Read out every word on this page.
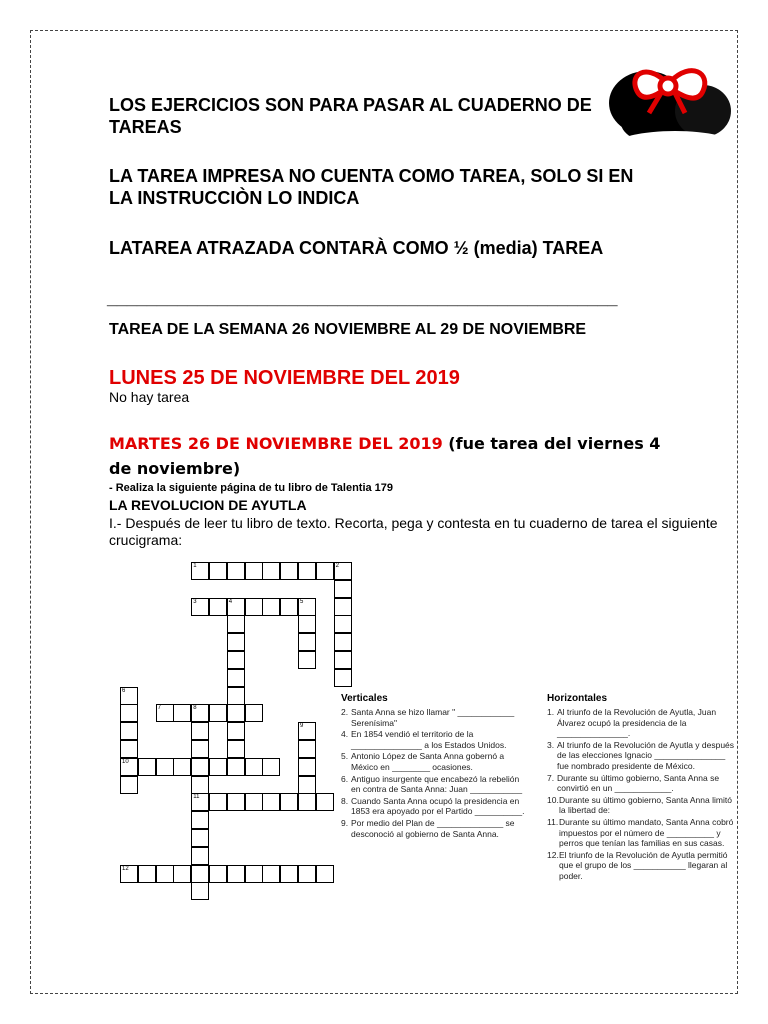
LOS EJERCICIOS SON PARA PASAR AL CUADERNO DE TAREAS
LA TAREA IMPRESA NO CUENTA COMO TAREA, SOLO SI EN LA INSTRUCCIÒN LO INDICA
LATAREA ATRAZADA CONTARÀ COMO ½ (media) TAREA
___________________________________________________
TAREA DE LA SEMANA 26 NOVIEMBRE AL 29 DE NOVIEMBRE
LUNES 25 DE NOVIEMBRE DEL 2019
No hay tarea
MARTES 26 DE NOVIEMBRE DEL 2019 (fue tarea del viernes 4 de noviembre)
- Realiza la siguiente página de tu libro de Talentia 179
LA REVOLUCION DE AYUTLA
I.- Después de leer tu libro de texto. Recorta, pega y contesta en tu cuaderno de tarea el siguiente crucigrama:
1	2
3	4	5
6
10
7	8
11
9
12
Verticales
2. Santa Anna se hizo llamar " ____________ Serenísima"
4. En 1854 vendió el territorio de la _______________ a los Estados Unidos.
5. Antonio López de Santa Anna gobernó a México en ________ ocasiones.
6. Antiguo insurgente que encabezó la rebelión en contra de Santa Anna: Juan ___________
8. Cuando Santa Anna ocupó la presidencia en 1853 era apoyado por el Partido __________.
9. Por medio del Plan de ______________ se desconoció al gobierno de Santa Anna.
Horizontales
1. Al triunfo de la Revolución de Ayutla, Juan Álvarez ocupó la presidencia de la _______________.
3. Al triunfo de la Revolución de Ayutla y después de las elecciones Ignacio _______________ fue nombrado presidente de México.
7. Durante su último gobierno, Santa Anna se convirtió en un ____________.
10. Durante su último gobierno, Santa Anna limitó la libertad de:
11. Durante su último mandato, Santa Anna cobró impuestos por el número de __________ y perros que tenían las familias en sus casas.
12. El triunfo de la Revolución de Ayutla permitió que el grupo de los ___________ llegaran al poder.
